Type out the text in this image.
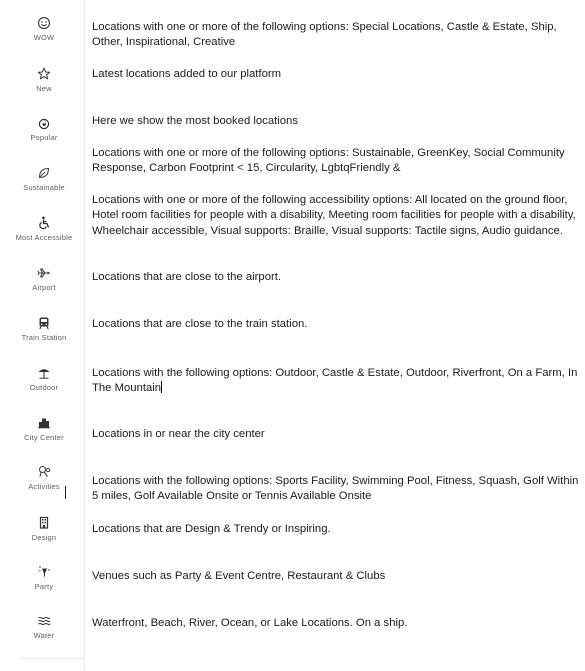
WOW
New
Popular
Sustainable
Most Accessible
Airport
Train Station
Outdoor
City Center
Activities
Design
Party
Water
Locations with one or more of the following options: Special Locations, Castle & Estate, Ship, Other, Inspirational, Creative
Latest locations added to our platform
Here we show the most booked locations
Locations with one or more of the following options: Sustainable, GreenKey, Social Community Response, Carbon Footprint < 15, Circularity, LgbtqFriendly &
Locations with one or more of the following accessibility options: All located on the ground floor, Hotel room facilities for people with a disability, Meeting room facilities for people with a disability, Wheelchair accessible, Visual supports: Braille, Visual supports: Tactile signs, Audio guidance.
Locations that are close to the airport.
Locations that are close to the train station.
Locations with the following options: Outdoor, Castle & Estate, Outdoor, Riverfront, On a Farm, In The Mountain
Locations in or near the city center
Locations with the following options: Sports Facility, Swimming Pool, Fitness, Squash, Golf Within 5 miles, Golf Available Onsite or Tennis Available Onsite
Locations that are Design & Trendy or Inspiring.
Venues such as Party & Event Centre, Restaurant & Clubs
Waterfront, Beach, River, Ocean, or Lake Locations. On a ship.
